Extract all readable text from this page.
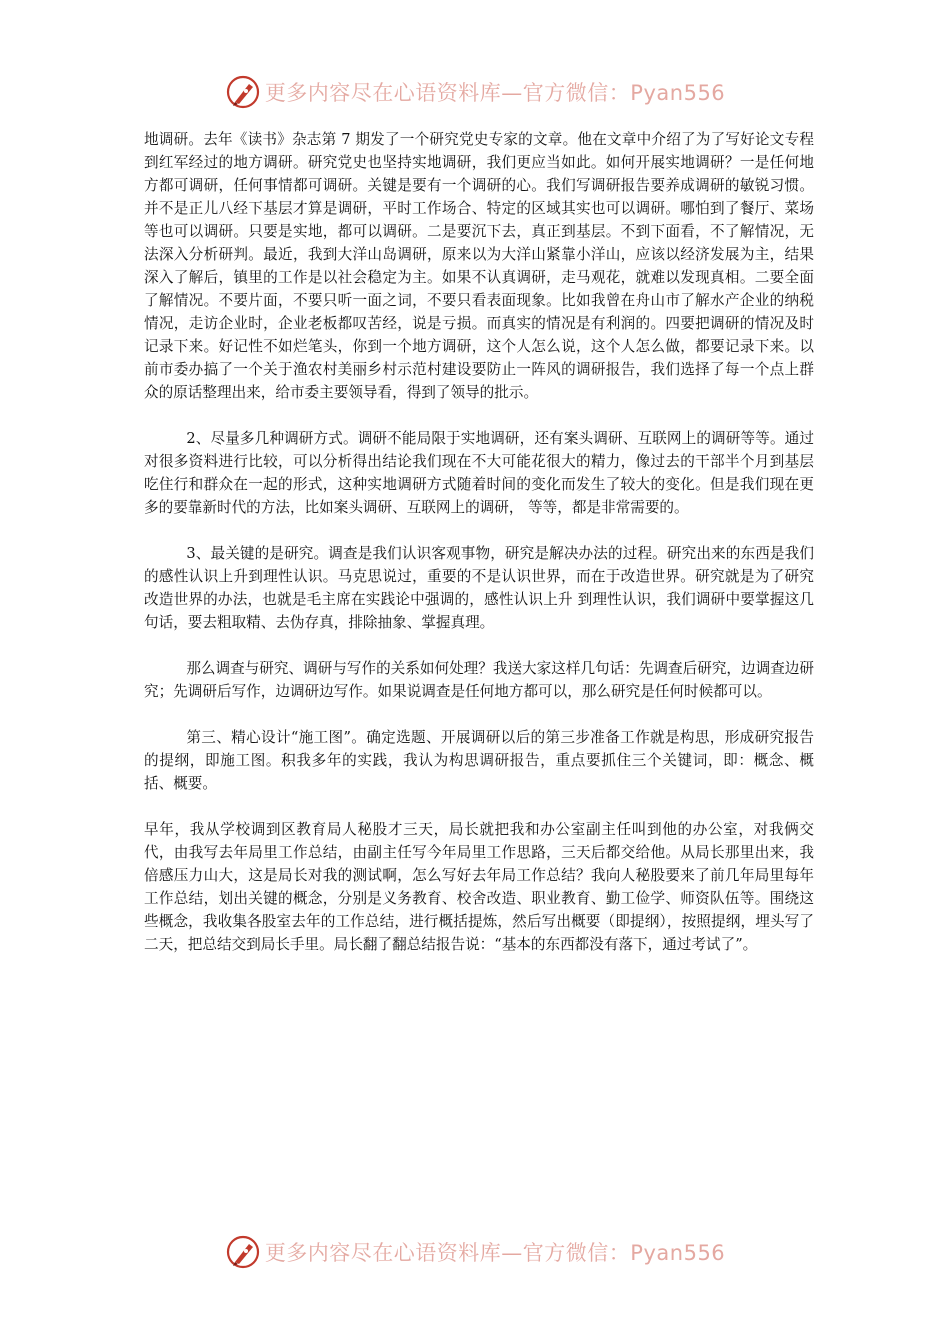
更多内容尽在心语资料库—官方微信：Pyan556

地调研。去年《读书》杂志第 7 期发了一个研究党史专家的文章。他在文章中介绍了为了写好论文专程到红军经过的地方调研。研究党史也坚持实地调研，我们更应当如此。如何开展实地调研？一是任何地方都可调研，任何事情都可调研。关键是要有一个调研的心。我们写调研报告要养成调研的敏锐习惯。并不是正儿八经下基层才算是调研，平时工作场合、特定的区域其实也可以调研。哪怕到了餐厅、菜场等也可以调研。只要是实地，都可以调研。二是要沉下去，真正到基层。不到下面看，不了解情况，无法深入分析研判。最近，我到大洋山岛调研，原来以为大洋山紧靠小洋山，应该以经济发展为主，结果深入了解后，镇里的工作是以社会稳定为主。如果不认真调研，走马观花，就难以发现真相。二要全面了解情况。不要片面，不要只听一面之词，不要只看表面现象。比如我曾在舟山市了解水产企业的纳税情况，走访企业时，企业老板都叹苦经，说是亏损。而真实的情况是有利润的。四要把调研的情况及时记录下来。好记性不如烂笔头，你到一个地方调研，这个人怎么说，这个人怎么做，都要记录下来。以前市委办搞了一个关于渔农村美丽乡村示范村建设要防止一阵风的调研报告，我们选择了每一个点上群众的原话整理出来，给市委主要领导看，得到了领导的批示。

2、尽量多几种调研方式。调研不能局限于实地调研，还有案头调研、互联网上的调研等等。通过对很多资料进行比较，可以分析得出结论我们现在不大可能花很大的精力，像过去的干部半个月到基层吃住行和群众在一起的形式，这种实地调研方式随着时间的变化而发生了较大的变化。但是我们现在更多的要靠新时代的方法，比如案头调研、互联网上的调研， 等等，都是非常需要的。

3、最关键的是研究。调查是我们认识客观事物，研究是解决办法的过程。研究出来的东西是我们的感性认识上升到理性认识。马克思说过，重要的不是认识世界，而在于改造世界。研究就是为了研究改造世界的办法，也就是毛主席在实践论中强调的，感性认识上升 到理性认识，我们调研中要掌握这几句话，要去粗取精、去伪存真，排除抽象、掌握真理。

那么调查与研究、调研与写作的关系如何处理？我送大家这样几句话：先调查后研究，边调查边研究；先调研后写作，边调研边写作。如果说调查是任何地方都可以，那么研究是任何时候都可以。

第三、精心设计“施工图”。确定选题、开展调研以后的第三步准备工作就是构思，形成研究报告的提纲，即施工图。积我多年的实践，我认为构思调研报告，重点要抓住三个关键词，即：概念、概括、概要。

早年，我从学校调到区教育局人秘股才三天，局长就把我和办公室副主任叫到他的办公室，对我俩交代，由我写去年局里工作总结，由副主任写今年局里工作思路，三天后都交给他。从局长那里出来，我倍感压力山大，这是局长对我的测试啊，怎么写好去年局工作总结？我向人秘股要来了前几年局里每年工作总结，划出关键的概念，分别是义务教育、校舍改造、职业教育、勤工俭学、师资队伍等。围绕这些概念，我收集各股室去年的工作总结，进行概括提炼，然后写出概要（即提纲），按照提纲，埋头写了二天，把总结交到局长手里。局长翻了翻总结报告说：“基本的东西都没有落下，通过考试了”。

更多内容尽在心语资料库—官方微信：Pyan556
